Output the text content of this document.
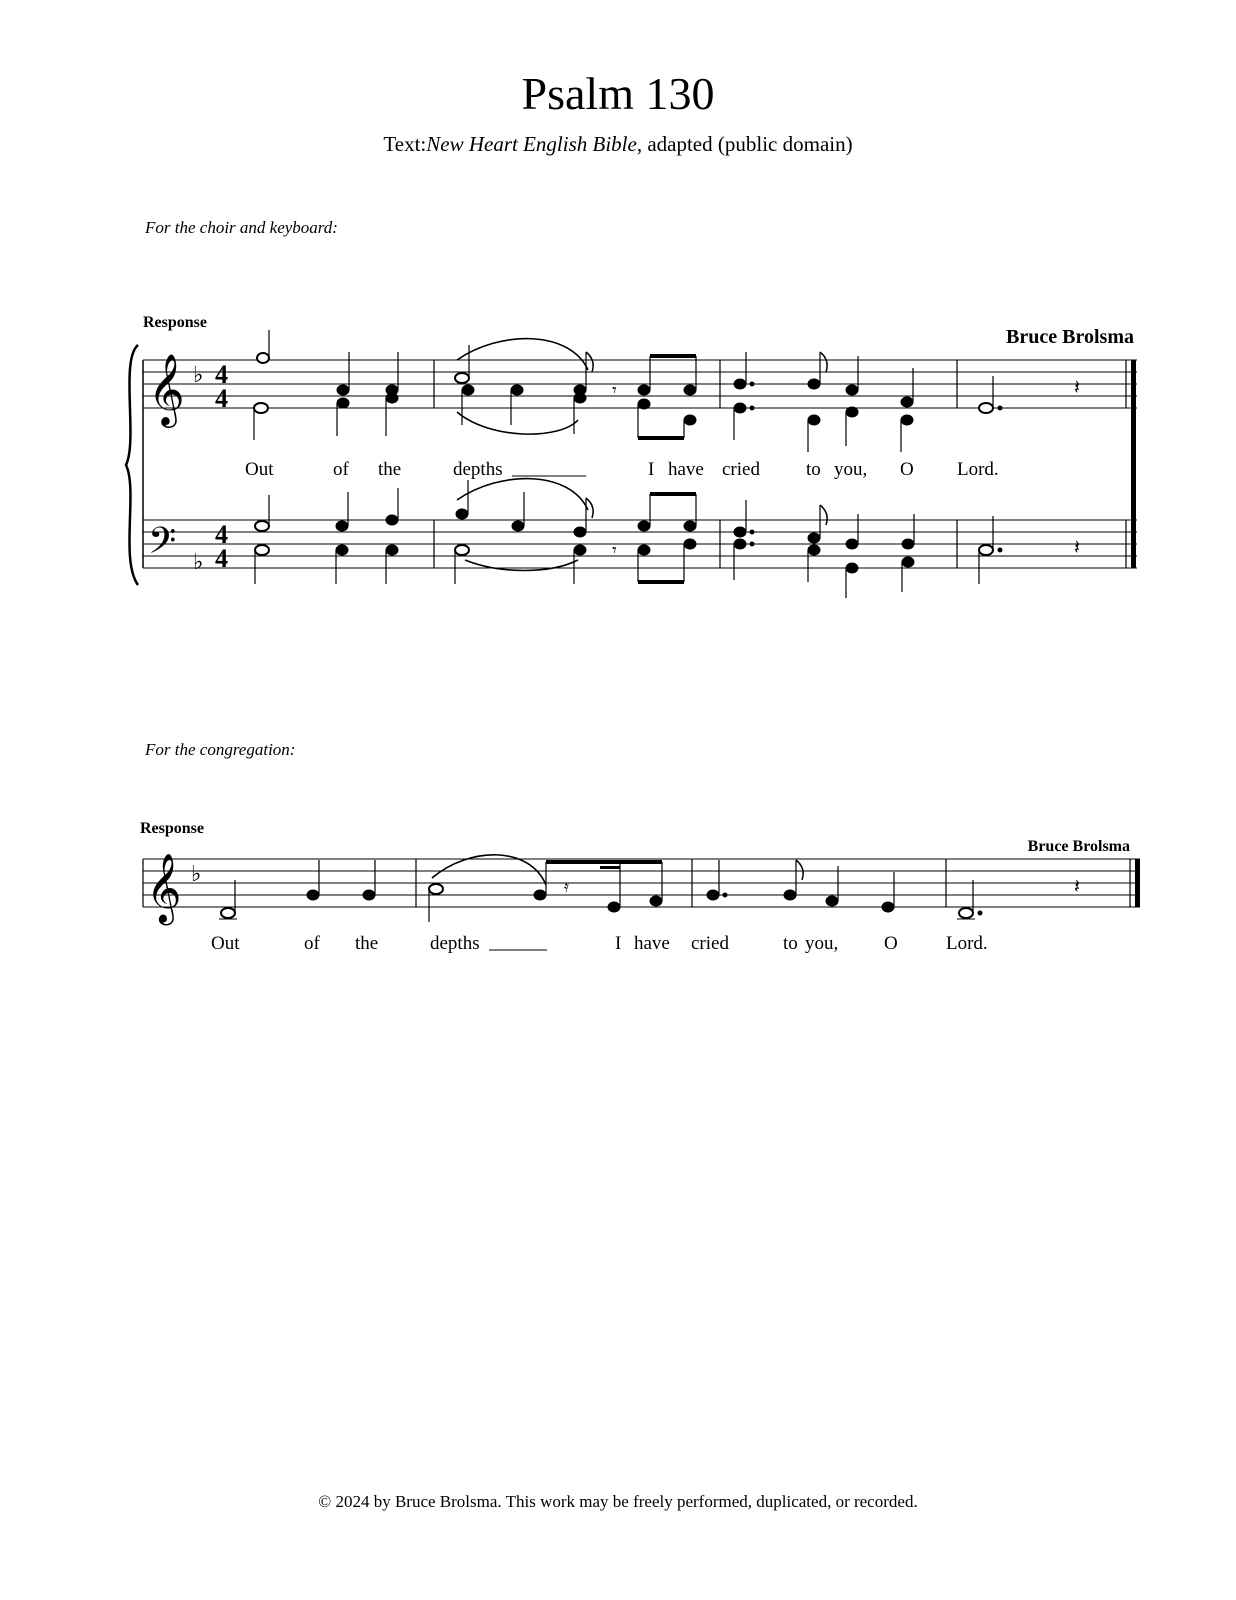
Psalm 130
Text:New Heart English Bible, adapted (public domain)
For the choir and keyboard:
Response
Bruce Brolsma
For the congregation:
Response
Bruce Brolsma
© 2024 by Bruce Brolsma. This work may be freely performed, duplicated, or recorded.
𝄞
𝄢
♭
♭
4
4
4
4
𝄾	𝄽
𝄾	𝄽
Out	of the	depths	I have cried to you, O Lord.
𝄞 ♭	𝄿	𝄽
Out	of the	depths	I have cried	to you, O	Lord.
